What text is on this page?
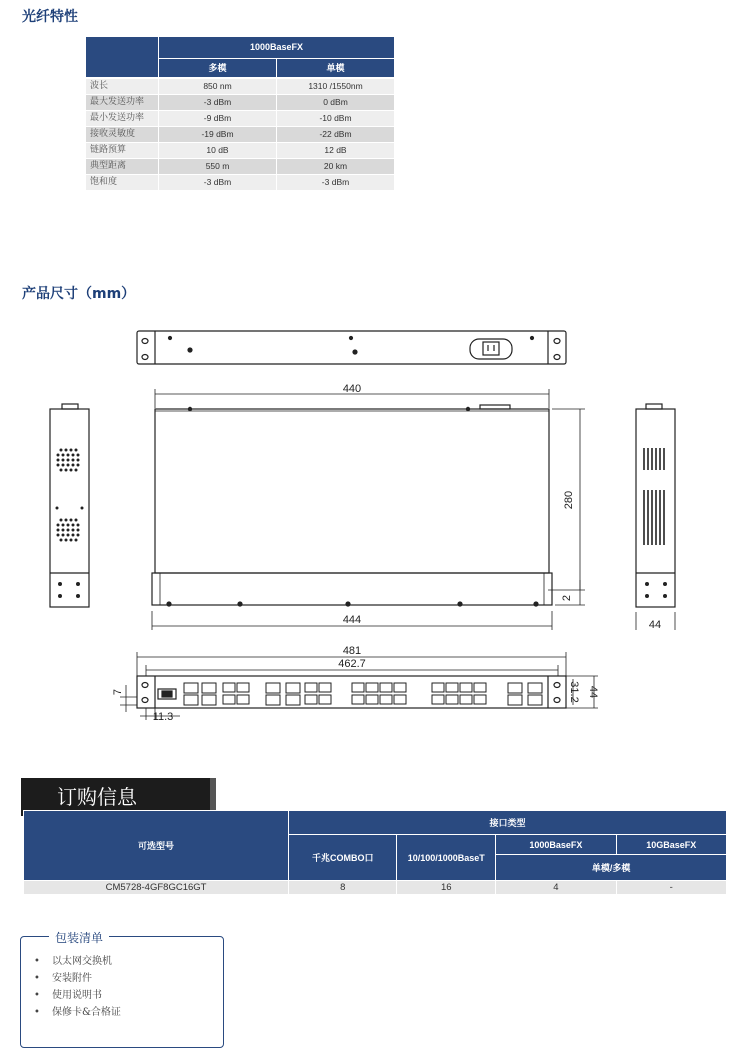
光纤特性
1000BaseFX
多模	单模
波长	850 nm	1310 /1550nm
最大发送功率	-3 dBm	0 dBm
最小发送功率	-9 dBm	-10 dBm
接收灵敏度	-19 dBm	-22 dBm
链路预算	10 dB	12 dB
典型距离	550 m	20 km
饱和度	-3 dBm	-3 dBm
产品尺寸（mm）
440
280
2
444	44
481
462.7
44
31.2
7
11.3
订购信息
可选型号	接口类型			
	千兆COMBO口	10/100/1000BaseT	1000BaseFX	10GBaseFX
			单模/多模	
CM5728-4GF8GC16GT	8	16	4	-
包装清单
• 以太网交换机
• 安装附件
• 使用说明书
• 保修卡&合格证
